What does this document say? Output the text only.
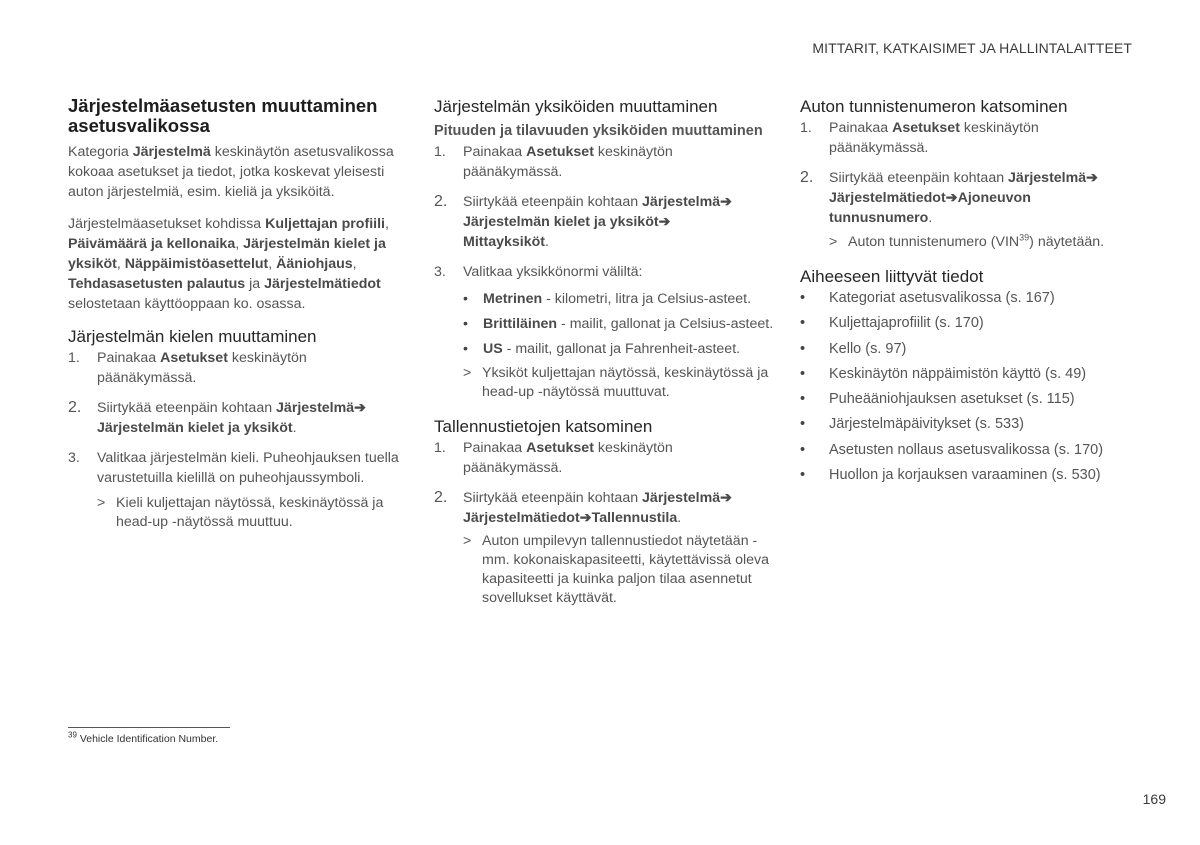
MITTARIT, KATKAISIMET JA HALLINTALAITTEET
Järjestelmäasetusten muuttaminen asetusvalikossa

Kategoria Järjestelmä keskinäytön asetusvalikossa kokoaa asetukset ja tiedot, jotka koskevat yleisesti auton järjestelmiä, esim. kieliä ja yksiköitä.

Järjestelmäasetukset kohdissa Kuljettajan profiili, Päivämäärä ja kellonaika, Järjestelmän kielet ja yksiköt, Näppäimistöasettelut, Ääniohjaus, Tehdasasetusten palautus ja Järjestelmätiedot selostetaan käyttöoppaan ko. osassa.

Järjestelmän kielen muuttaminen
1.	Painakaa Asetukset keskinäytön päänäkymässä.
2.	Siirtykää eteenpäin kohtaan Järjestelmä➔
Järjestelmän kielet ja yksiköt.
3.	Valitkaa järjestelmän kieli. Puheohjauksen tuella varustetuilla kielillä on puheohjaussymboli.
> Kieli kuljettajan näytössä, keskinäytössä ja head-up -näytössä muuttuu.
Järjestelmän yksiköiden muuttaminen
Pituuden ja tilavuuden yksiköiden muuttaminen
1.	Painakaa Asetukset keskinäytön päänäkymässä.
2.	Siirtykää eteenpäin kohtaan Järjestelmä➔
Järjestelmän kielet ja yksiköt➔
Mittayksiköt.
3.	Valitkaa yksikkönormi väliltä:
•	Metrinen - kilometri, litra ja Celsius-asteet.
•	Brittiläinen - mailit, gallonat ja Celsius-asteet.
•	US - mailit, gallonat ja Fahrenheit-asteet.
> Yksiköt kuljettajan näytössä, keskinäytössä ja head-up -näytössä muuttuvat.
Tallennustietojen katsominen
1.	Painakaa Asetukset keskinäytön päänäkymässä.
2.	Siirtykää eteenpäin kohtaan Järjestelmä➔
Järjestelmätiedot➔Tallennustila.
> Auton umpilevyn tallennustiedot näytetään - mm. kokonaiskapasiteetti, käytettävissä oleva kapasiteetti ja kuinka paljon tilaa asennetut sovellukset käyttävät.
Auton tunnistenumeron katsominen
1.	Painakaa Asetukset keskinäytön päänäkymässä.
2.	Siirtykää eteenpäin kohtaan Järjestelmä➔
Järjestelmätiedot➔Ajoneuvon tunnusnumero.
> Auton tunnistenumero (VIN$^{39}$) näytetään.
Aiheeseen liittyvät tiedot
•	Kategoriat asetusvalikossa (s. 167)
•	Kuljettajaprofiilit (s. 170)
•	Kello (s. 97)
•	Keskinäytön näppäimistön käyttö (s. 49)
•	Puheääniohjauksen asetukset (s. 115)
•	Järjestelmäpäivitykset (s. 533)
•	Asetusten nollaus asetusvalikossa (s. 170)
•	Huollon ja korjauksen varaaminen (s. 530)
$^{39}$ Vehicle Identification Number.
169
